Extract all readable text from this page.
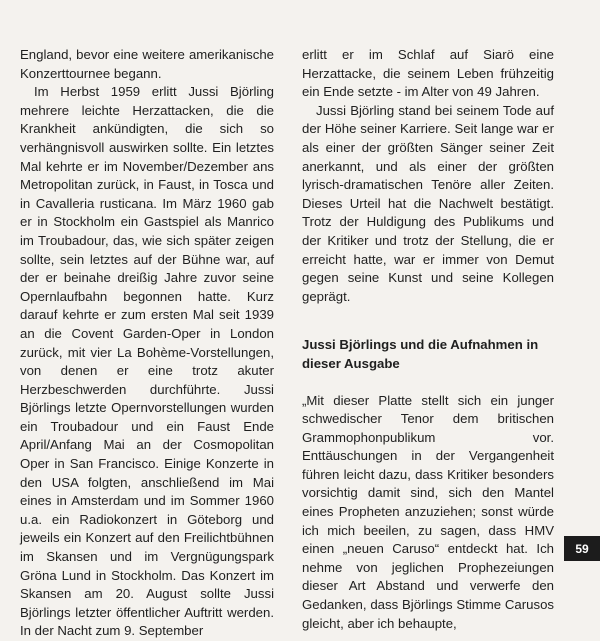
England, bevor eine weitere amerikanische Konzerttournee begann.

Im Herbst 1959 erlitt Jussi Björling mehrere leichte Herzattacken, die die Krankheit ankündigten, die sich so verhängnisvoll auswirken sollte. Ein letztes Mal kehrte er im November/Dezember ans Metropolitan zurück, in Faust, in Tosca und in Cavalleria rusticana. Im März 1960 gab er in Stockholm ein Gastspiel als Manrico im Troubadour, das, wie sich später zeigen sollte, sein letztes auf der Bühne war, auf der er beinahe dreißig Jahre zuvor seine Opernlaufbahn begonnen hatte. Kurz darauf kehrte er zum ersten Mal seit 1939 an die Covent Garden-Oper in London zurück, mit vier La Bohème-Vorstellungen, von denen er eine trotz akuter Herzbeschwerden durchführte. Jussi Björlings letzte Opernvorstellungen wurden ein Troubadour und ein Faust Ende April/Anfang Mai an der Cosmopolitan Oper in San Francisco. Einige Konzerte in den USA folgten, anschließend im Mai eines in Amsterdam und im Sommer 1960 u.a. ein Radiokonzert in Göteborg und jeweils ein Konzert auf den Freilichtbühnen im Skansen und im Vergnügungspark Gröna Lund in Stockholm. Das Konzert im Skansen am 20. August sollte Jussi Björlings letzter öffentlicher Auftritt werden. In der Nacht zum 9. September

erlitt er im Schlaf auf Siarö eine Herzattacke, die seinem Leben frühzeitig ein Ende setzte - im Alter von 49 Jahren.

Jussi Björling stand bei seinem Tode auf der Höhe seiner Karriere. Seit lange war er als einer der größten Sänger seiner Zeit anerkannt, und als einer der größten lyrisch-dramatischen Tenöre aller Zeiten. Dieses Urteil hat die Nachwelt bestätigt. Trotz der Huldigung des Publikums und der Kritiker und trotz der Stellung, die er erreicht hatte, war er immer von Demut gegen seine Kunst und seine Kollegen geprägt.

Jussi Björlings und die Aufnahmen in dieser Ausgabe

„Mit dieser Platte stellt sich ein junger schwedischer Tenor dem britischen Grammophonpublikum vor. Enttäuschungen in der Vergangenheit führen leicht dazu, dass Kritiker besonders vorsichtig damit sind, sich den Mantel eines Propheten anzuziehen; sonst würde ich mich beeilen, zu sagen, dass HMV einen „neuen Caruso“ entdeckt hat. Ich nehme von jeglichen Prophezeiungen dieser Art Abstand und verwerfe den Gedanken, dass Björlings Stimme Carusos gleicht, aber ich behaupte,

59
